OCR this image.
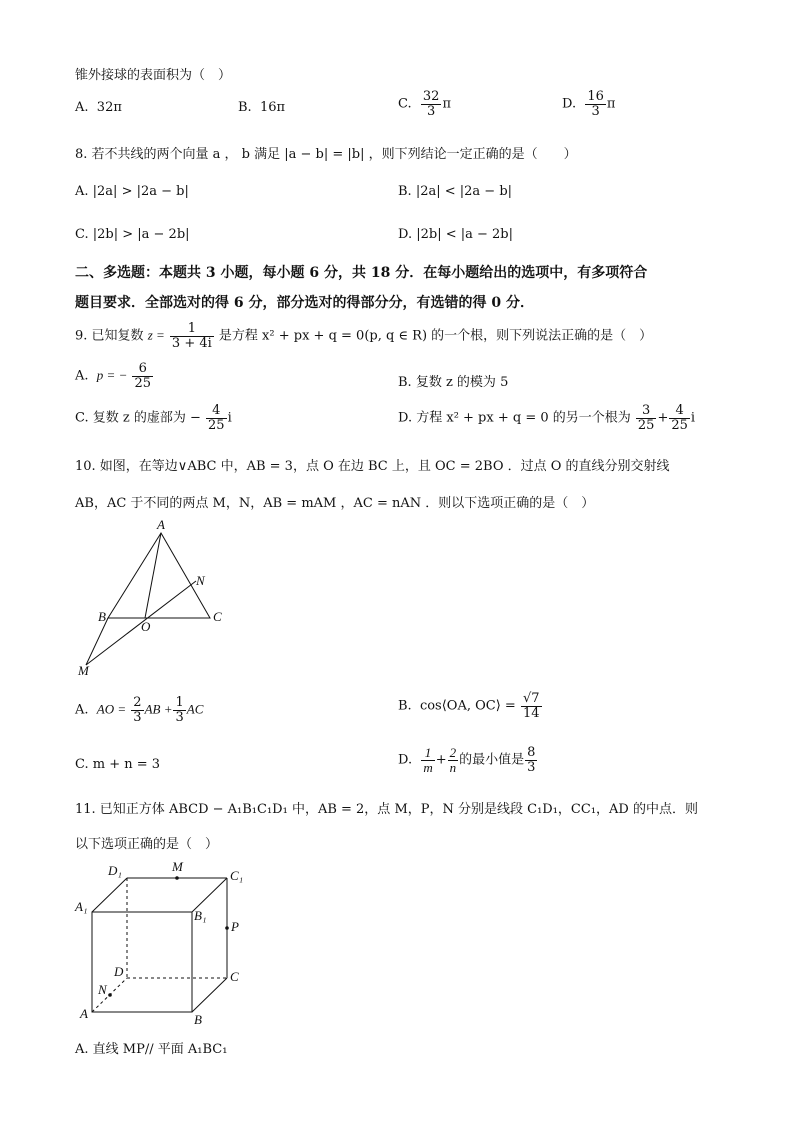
锥外接球的表面积为（　）
A. 32π	B. 16π	C. $\frac{32}{3}$ π	D. $\frac{16}{3}$ π
8. 若不共线的两个向量 a ， b 满足 |a − b| = |b| ，则下列结论一定正确的是（　　）
A. |2a| > |2a − b|	B. |2a| < |2a − b|
C. |2b| > |a − 2b|	D. |2b| < |a − 2b|
二、多选题：本题共 3 小题，每小题 6 分，共 18 分．在每小题给出的选项中，有多项符合
题目要求．全部选对的得 6 分，部分选对的得部分分，有选错的得 0 分．
9. 已知复数 $z = \frac{1}{3 + 4i}$ 是方程 x² + px + q = 0(p, q ∈ R) 的一个根，则下列说法正确的是（　）
A. p = − $\frac{6}{25}$	B. 复数 z 的模为 5
C. 复数 z 的虚部为 − $\frac{4}{25}$ i	D. 方程 x² + px + q = 0 的另一个根为 $\frac{3}{25} + \frac{4}{25}$ i
10. 如图，在等边∨ABC 中，AB = 3，点 O 在边 BC 上，且 OC = 2BO ．过点 O 的直线分别交射线
AB，AC 于不同的两点 M，N，AB = mAM ，AC = nAN ．则以下选项正确的是（　）
A
B	C
O
N
M
A. AO = $\frac{2}{3}$ AB + $\frac{1}{3}$ AC	B. cos⟨OA, OC⟩ = $\frac{√7}{14}$
C. m + n = 3	D. $\frac{1}{m} + \frac{2}{n}$ 的最小值是 $\frac{8}{3}$
11. 已知正方体 ABCD − A₁B₁C₁D₁ 中，AB = 2，点 M，P，N 分别是线段 C₁D₁，CC₁，AD 的中点．则
以下选项正确的是（　）
D₁	M
C₁
A₁
B₁
P
D	C
N
A	B
A. 直线 MP// 平面 A₁BC₁
